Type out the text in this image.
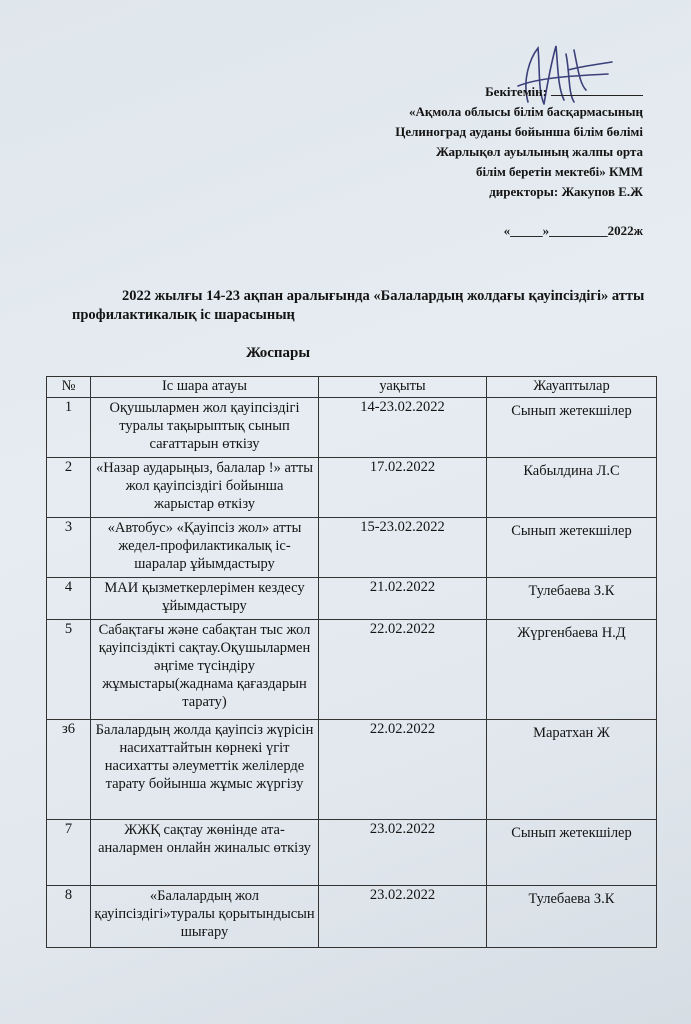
Бекітемін:
«Ақмола облысы білім басқармасының
Целиноград ауданы бойынша білім бөлімі
Жарлықөл ауылының жалпы орта
білім беретін мектебі» КММ
директоры: Жакупов Е.Ж
«_____»_________2022ж
2022 жылғы 14-23 ақпан аралығында «Балалардың жолдағы қауіпсіздігі» атты профилактикалық іс шарасының
Жоспары
№	Іс шара атауы	уақыты	Жауаптылар
1	Оқушылармен жол қауіпсіздігі туралы тақырыптық сынып сағаттарын өткізу	14-23.02.2022	Сынып жетекшілер
2	«Назар аударыңыз, балалар !» атты жол қауіпсіздігі бойынша жарыстар өткізу	17.02.2022	Кабылдина Л.С
3	«Автобус» «Қауіпсіз жол» атты жедел-профилактикалық іс-шаралар ұйымдастыру	15-23.02.2022	Сынып жетекшілер
4	МАИ қызметкерлерімен кездесу ұйымдастыру	21.02.2022	Тулебаева З.К
5	Сабақтағы және сабақтан тыс жол қауіпсіздікті сақтау.Оқушылармен әңгіме түсіндіру жұмыстары(жаднама қағаздарын тарату)	22.02.2022	Жүргенбаева Н.Д
з6	Балалардың жолда қауіпсіз жүрісін насихаттайтын көрнекі үгіт насихатты әлеуметтік желілерде тарату бойынша жұмыс жүргізу	22.02.2022	Маратхан Ж
7	ЖЖҚ сақтау жөнінде ата-аналармен онлайн жиналыс өткізу	23.02.2022	Сынып жетекшілер
8	«Балалардың жол қауіпсіздігі»туралы қорытындысын шығару	23.02.2022	Тулебаева З.К
